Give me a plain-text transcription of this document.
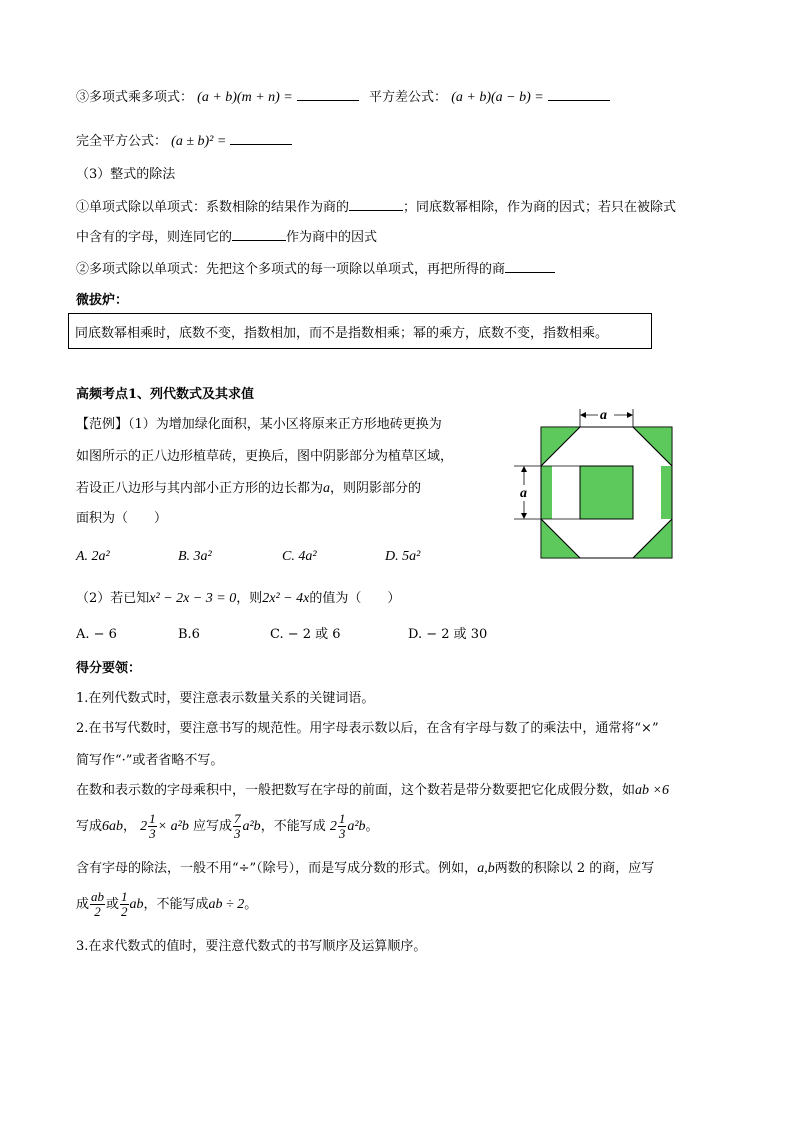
③多项式乘多项式： (a + b)(m + n) =	平方差公式： (a + b)(a − b) =
完全平方公式： (a ± b)² =
（3）整式的除法
①单项式除以单项式：系数相除的结果作为商的	；同底数幂相除，作为商的因式；若只在被除式
中含有的字母，则连同它的	作为商中的因式
②多项式除以单项式：先把这个多项式的每一项除以单项式，再把所得的商
微拔炉：
同底数幂相乘时，底数不变，指数相加，而不是指数相乘；幂的乘方，底数不变，指数相乘。
高频考点1、列代数式及其求值
【范例】（1）为增加绿化面积，某小区将原来正方形地砖更换为
如图所示的正八边形植草砖，更换后，图中阴影部分为植草区域，
若设正八边形与其内部小正方形的边长都为a，则阴影部分的
面积为（　　）
A. 2a²	B. 3a²	C. 4a²	D. 5a²
（2）若已知x² − 2x − 3 = 0，则2x² − 4x的值为（　　）
A. − 6	B.6	C. − 2 或 6	D. − 2 或 30
a
a
得分要领：
1.在列代数式时，要注意表示数量关系的关键词语。
2.在书写代数时，要注意书写的规范性。用字母表示数以后，在含有字母与数了的乘法中，通常将“×”
简写作“·”或者省略不写。
在数和表示数的字母乘积中，一般把数写在字母的前面，这个数若是带分数要把它化成假分数，如ab ×6
写成6ab， $2 \frac{1}{3} \times a^2b$ 应写成 $\frac{7}{3} a^2b$，不能写成 $2 \frac{1}{3} a^2b$。
含有字母的除法，一般不用“÷”（除号），而是写成分数的形式。例如，a,b两数的积除以 2 的商，应写
成 $\frac{ab}{2}$ 或 $\frac{1}{2}$ ab，不能写成ab ÷ 2。
3.在求代数式的值时，要注意代数式的书写顺序及运算顺序。
